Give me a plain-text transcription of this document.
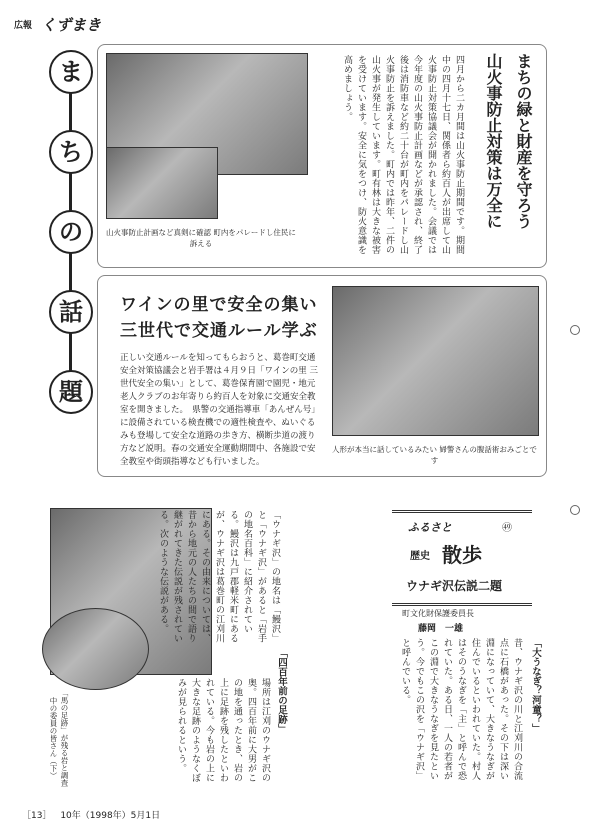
広報 くずまき
ま
ち
の
話
題
山火事防止計画など真剣に確認 町内をパレードし住民に訴える
まちの緑と財産を守ろう 山火事防止対策は万全に
四月から二カ月間は山火事防止期間です。期間中の四月十七日、関係者ら約百人が出席して山火事防止対策協議会が開かれました。会議では今年度の山火事防止計画などが承認され、終了後は消防車など約二十台が町内をパレードし山火事防止を訴えました。町内では昨年、二件の山火事が発生しています。町有林は大きな被害を受けています。安全に気をつけ、防火意識を高めましょう。
ワインの里で安全の集い
三世代で交通ルール学ぶ
正しい交通ルールを知ってもらおうと、葛巻町交通安全対策協議会と岩手署は４月９日「ワインの里 三世代安全の集い」として、葛巻保育園で園児・地元老人クラブのお年寄りら約百人を対象に交通安全教室を開きました。　県警の交通指導車「あんぜん号」に設備されている検査機での適性検査や、ぬいぐるみも登場して安全な道路の歩き方、横断歩道の渡り方など説明。春の交通安全運動期間中、各施設で安全教室や街頭指導なども行いました。
人形が本当に話しているみたい 婦警さんの腹話術おみごとです
「馬の足跡」が残る岩と調査中の委員の皆さん（下）
「ウナギ沢」の地名は「鰻沢」と「ウナギ沢」があると「岩手の地名百科」に紹介されている。鰻沢は九戸郡軽米町にあるが、ウナギ沢は葛巻町の江刈川にある。その由来については、昔から地元の人たちの間で語り継がれてきた伝説が残されている。次のような伝説がある。
「四百年前の足跡」
場所は江刈のウナギ沢の奥。四百年前に大男がこの地を通ったとき、岩の上に足跡を残したといわれている。今も岩の上に大きな足跡のようなくぼみが見られるという。
ふるさと	㊾
歴史 散歩
ウナギ沢伝説二題
町文化財保護委員長
藤岡　一雄
「大うなぎ？河童？」
昔、ウナギ沢の川と江刈川の合流点に石橋があった。その下は深い淵になっていて、大きなうなぎが住んでいるといわれていた。村人はそのうなぎを「主」と呼んで恐れていた。ある日、一人の若者がこの淵で大きなうなぎを見たという。今でもこの沢を「ウナギ沢」と呼んでいる。
［13］ 10年（1998年）5月1日
